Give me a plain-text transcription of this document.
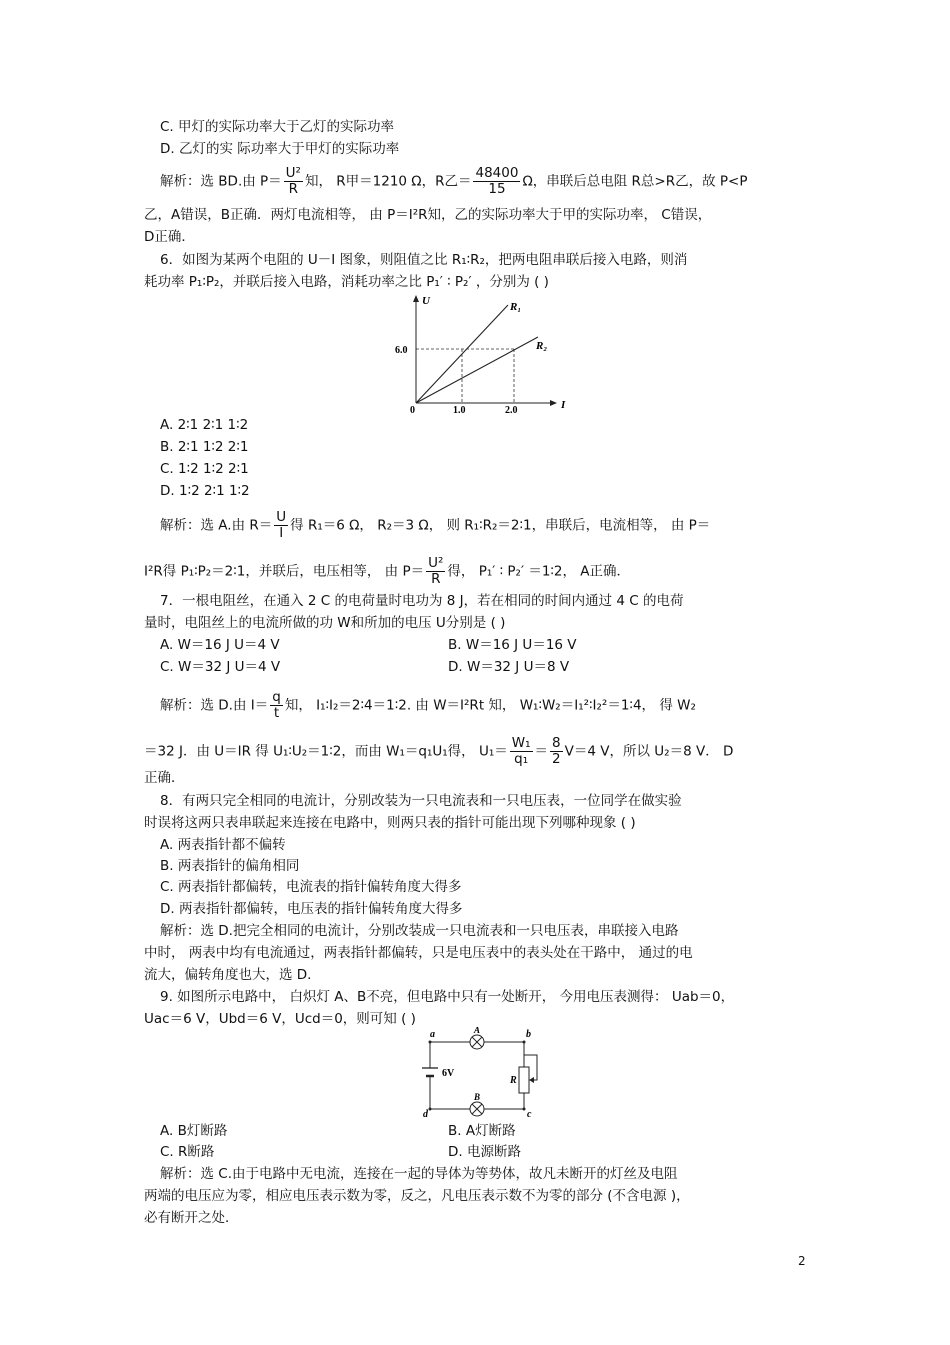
C. 甲灯的实际功率大于乙灯的实际功率
D. 乙灯的实 际功率大于甲灯的实际功率
解析：选 BD.由 $P= \frac{\text{U²}}{R}$ 知， R甲＝1210 Ω，R乙＝ $\frac{48400}{15}$ Ω，串联后总电阻 R总>R乙，故 P<P
乙，A错误，B正确．两灯电流相等， 由 P＝I²R知，乙的实际功率大于甲的实际功率， C错误，
D正确．
6．如图为某两个电阻的 U－I 图象，则阻值之比 R₁∶R₂，把两电阻串联后接入电路，则消
耗功率 P₁∶P₂，并联后接入电路，消耗功率之比 P₁′ ∶ P₂′ ，分别为 ( )
U
I
0
6.0
1.0	2.0
R₁
R₂
A. 2∶1 2∶1 1∶2
B. 2∶1 1∶2 2∶1
C. 1∶2 1∶2 2∶1
D. 1∶2 2∶1 1∶2
解析：选 A.由 $R= \frac{U}{I}$ 得 R₁＝6 Ω， R₂＝3 Ω， 则 R₁∶R₂＝2∶1，串联后，电流相等， 由 P＝
I²R得 P₁∶P₂＝2∶1，并联后，电压相等， 由 $P= \frac{\text{U²}}{R}$ 得， P₁′ ∶ P₂′ ＝1∶2， A正确．
7．一根电阻丝，在通入 2 C 的电荷量时电功为 8 J，若在相同的时间内通过 4 C 的电荷
量时，电阻丝上的电流所做的功 W和所加的电压 U分别是 ( )
A. W＝16 J U＝4 V	B. W＝16 J U＝16 V
C. W＝32 J U＝4 V	D. W＝32 J U＝8 V
解析：选 D.由 $I= \frac{q}{t}$ 知， I₁∶I₂＝2∶4＝1∶2. 由 W＝I²Rt 知， W₁∶W₂＝I₁²∶I₂²＝1∶4， 得 W₂
＝32 J．由 U＝IR 得 U₁∶U₂＝1∶2，而由 W₁＝q₁U₁得， $U_1= \frac{\text{W₁}}{\text{q₁}} = \frac{8}{2} V=4$ V，所以 U₂＝8 V． D
正确．
8．有两只完全相同的电流计，分别改装为一只电流表和一只电压表，一位同学在做实验
时误将这两只表串联起来连接在电路中，则两只表的指针可能出现下列哪种现象 ( )
A. 两表指针都不偏转
B. 两表指针的偏角相同
C. 两表指针都偏转，电流表的指针偏转角度大得多
D. 两表指针都偏转，电压表的指针偏转角度大得多
解析：选 D.把完全相同的电流计，分别改装成一只电流表和一只电压表，串联接入电路
中时， 两表中均有电流通过，两表指针都偏转，只是电压表中的表头处在干路中， 通过的电
流大，偏转角度也大，选 D.
9. 如图所示电路中， 白炽灯 A、B不亮，但电路中只有一处断开， 今用电压表测得： Uab＝0，
Uac＝6 V，Ubd＝6 V，Ucd＝0，则可知 ( )
a	b
c
d
A
B
R
6V
A. B灯断路	B. A灯断路
C. R断路	D. 电源断路
解析：选 C.由于电路中无电流，连接在一起的导体为等势体，故凡未断开的灯丝及电阻
两端的电压应为零，相应电压表示数为零，反之，凡电压表示数不为零的部分 (不含电源 )，
必有断开之处．
2
